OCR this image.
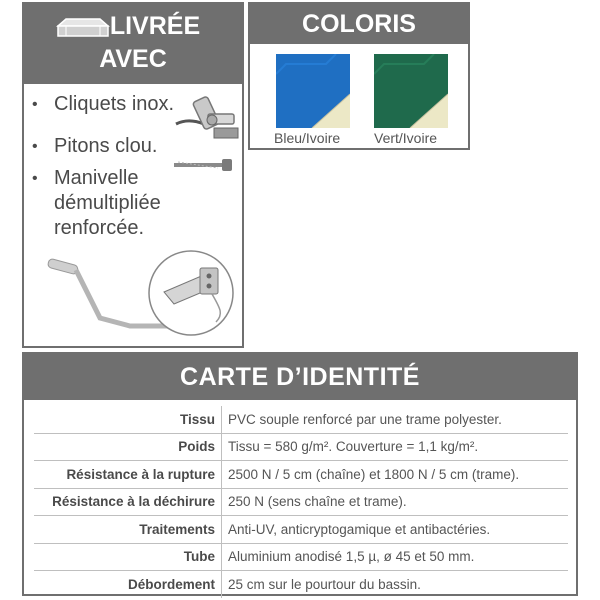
LIVRÉE
AVEC
• Cliquets inox.
• Pitons clou.
• Manivelle démultipliée renforcée.
COLORIS
Bleu/Ivoire Vert/Ivoire
CARTE D’IDENTITÉ
Tissu	PVC souple renforcé par une trame polyester.
Poids	Tissu = 580 g/m². Couverture = 1,1 kg/m².
Résistance à la rupture	2500 N / 5 cm (chaîne) et 1800 N / 5 cm (trame).
Résistance à la déchirure	250 N (sens chaîne et trame).
Traitements	Anti-UV, anticryptogamique et antibactéries.
Tube	Aluminium anodisé 1,5 µ, ø 45 et 50 mm.
Débordement	25 cm sur le pourtour du bassin.
